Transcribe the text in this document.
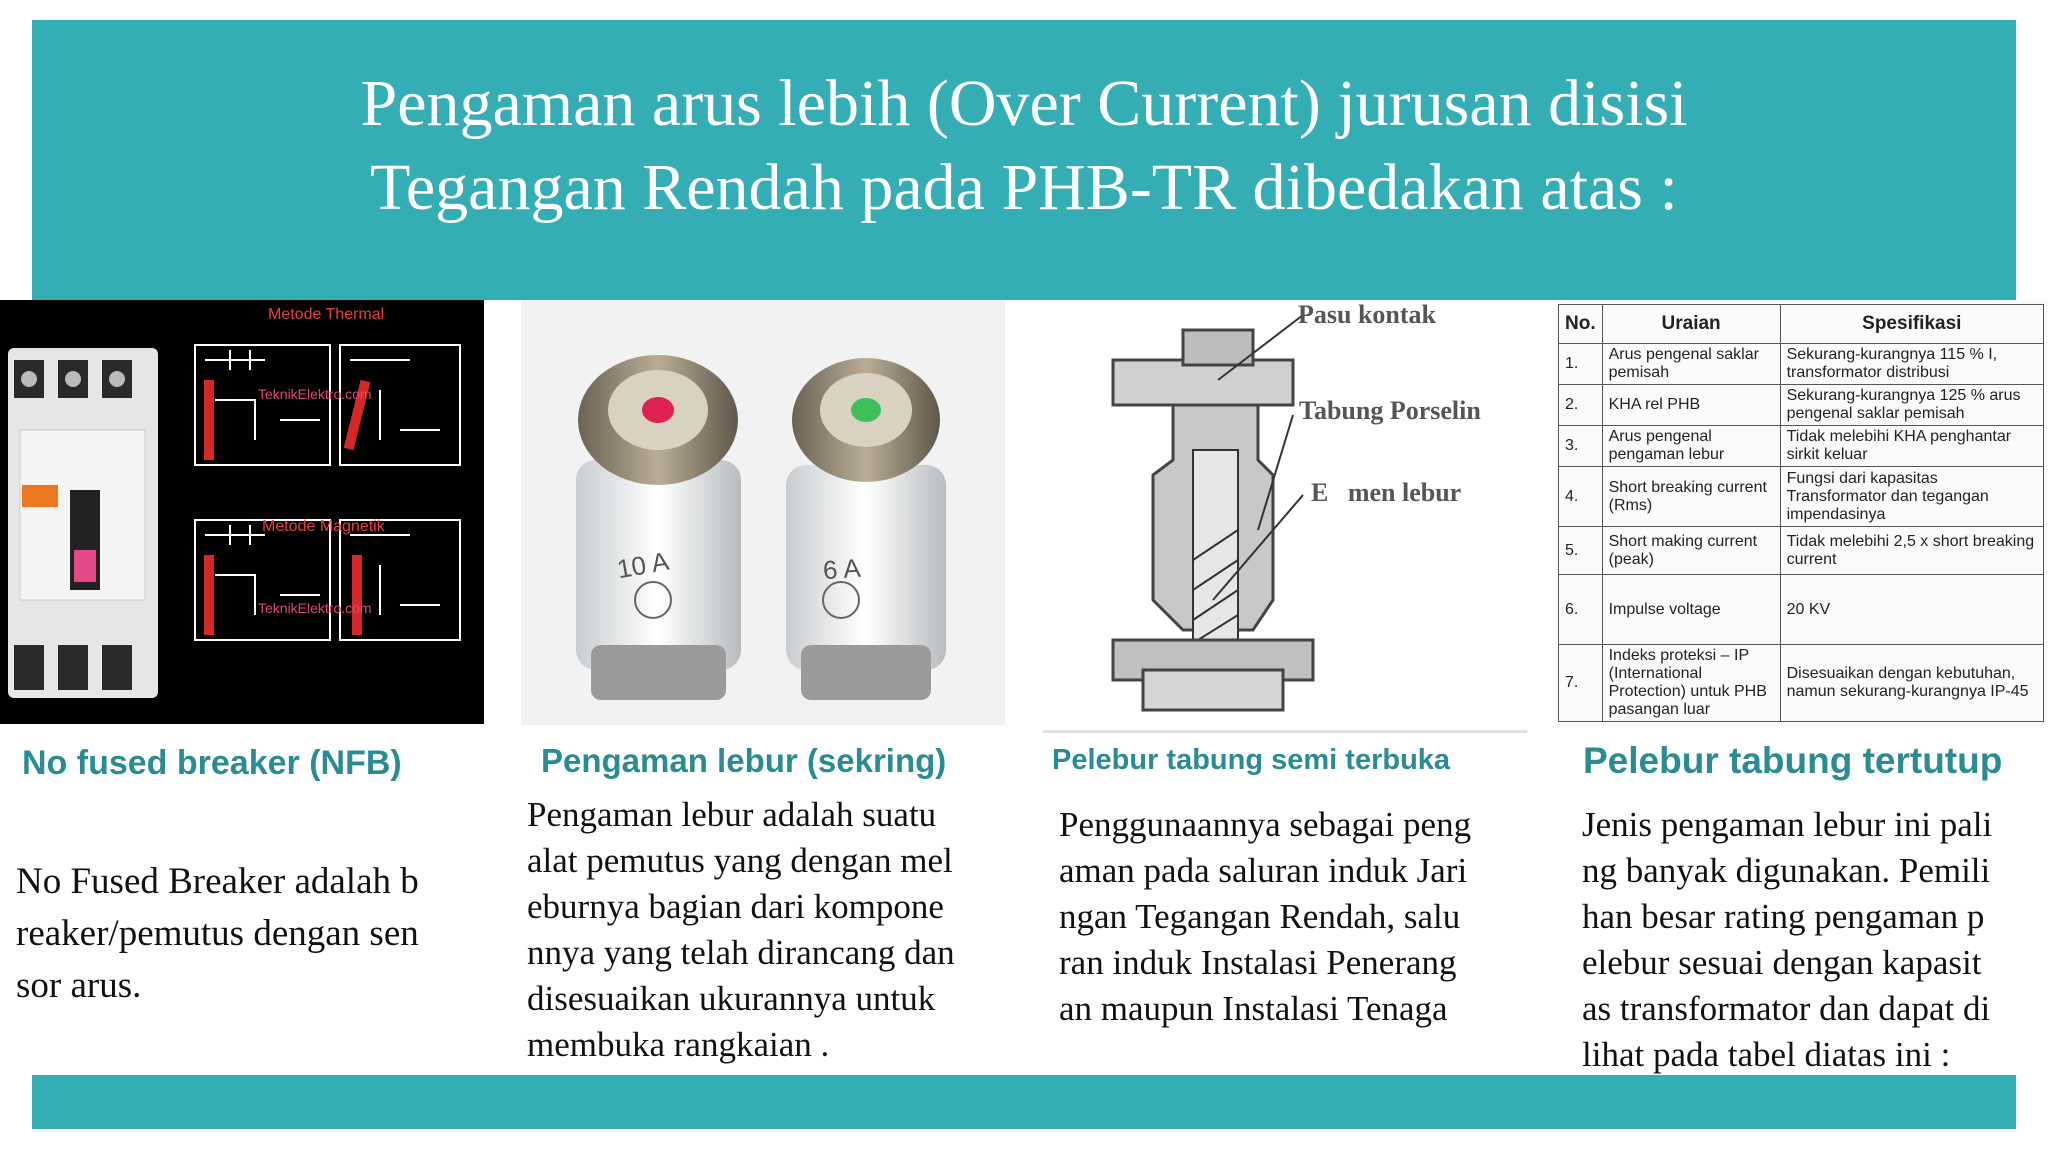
Pengaman arus lebih (Over Current) jurusan disisi
Tegangan Rendah pada PHB-TR dibedakan atas :
Metode Thermal
Metode Magnetik
TeknikElektro.com
TeknikElektro.com
No fused breaker (NFB)
No Fused Breaker adalah b
reaker/pemutus dengan sen
sor arus.
10 A	6 A
Pengaman lebur (sekring)
Pengaman lebur adalah suatu
alat pemutus yang dengan mel
eburnya bagian dari kompone
nnya yang telah dirancang dan
disesuaikan ukurannya untuk
membuka rangkaian .
Pasu kontak
Tabung Porselin
E   men lebur
Pelebur tabung semi terbuka
Penggunaannya sebagai peng
aman pada saluran induk Jari
ngan Tegangan Rendah, salu
ran induk Instalasi Penerang
an maupun Instalasi Tenaga
No.	Uraian	Spesifikasi
1.	Arus pengenal saklar pemisah	Sekurang-kurangnya 115 % I, transformator distribusi
2.	KHA rel PHB	Sekurang-kurangnya 125 % arus pengenal saklar pemisah
3.	Arus pengenal pengaman lebur	Tidak melebihi KHA penghantar sirkit keluar
4.	Short breaking current (Rms)	Fungsi dari kapasitas Transformator dan tegangan impendasinya
5.	Short making current (peak)	Tidak melebihi 2,5 x short breaking current
6.	Impulse voltage	20 KV
7.	Indeks proteksi – IP (International Protection) untuk PHB pasangan luar	Disesuaikan dengan kebutuhan, namun sekurang-kurangnya IP-45
Pelebur tabung tertutup
Jenis pengaman lebur ini pali
ng banyak digunakan. Pemili
han besar rating pengaman p
elebur sesuai dengan kapasit
as transformator dan dapat di
lihat pada tabel diatas ini :
